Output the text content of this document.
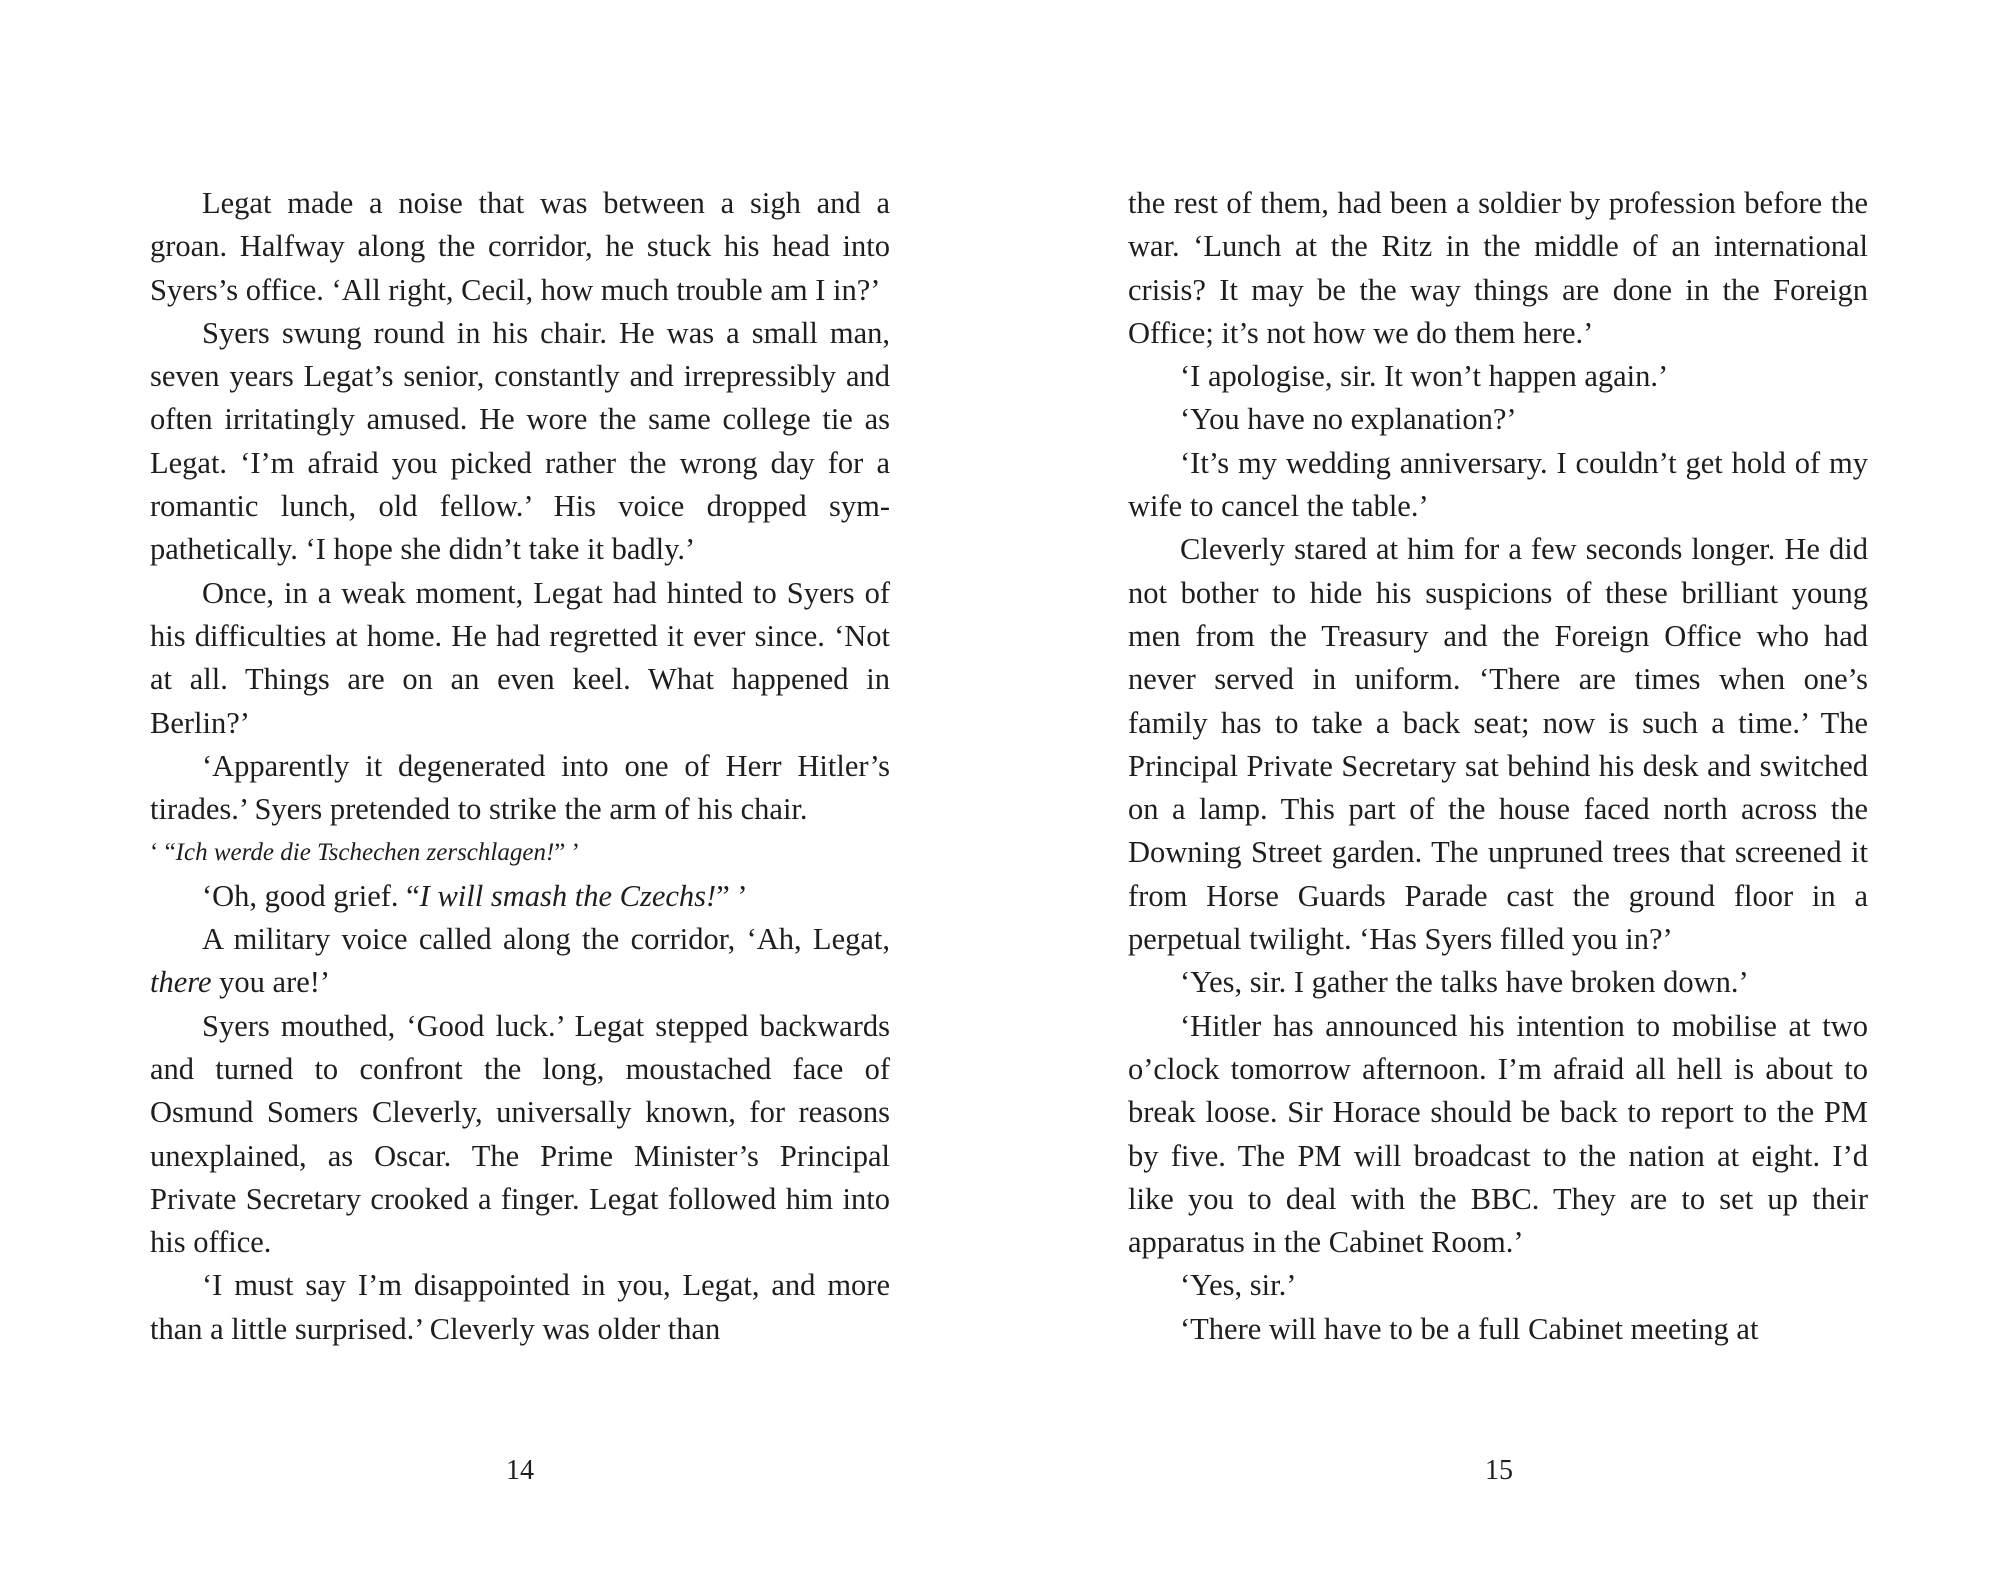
Legat made a noise that was between a sigh and a groan. Halfway along the corridor, he stuck his head into Syers’s office. ‘All right, Cecil, how much trouble am I in?’

Syers swung round in his chair. He was a small man, seven years Legat’s senior, constantly and irrepressibly and often irritatingly amused. He wore the same college tie as Legat. ‘I’m afraid you picked rather the wrong day for a romantic lunch, old fellow.’ His voice dropped sympathetically. ‘I hope she didn’t take it badly.’

Once, in a weak moment, Legat had hinted to Syers of his difficulties at home. He had regretted it ever since. ‘Not at all. Things are on an even keel. What happened in Berlin?’

‘Apparently it degenerated into one of Herr Hitler’s tirades.’ Syers pretended to strike the arm of his chair.

‘ “Ich werde die Tschechen zerschlagen!” ’

‘Oh, good grief. “I will smash the Czechs!” ’

A military voice called along the corridor, ‘Ah, Legat, there you are!’

Syers mouthed, ‘Good luck.’ Legat stepped backwards and turned to confront the long, moustached face of Osmund Somers Cleverly, universally known, for reasons unexplained, as Oscar. The Prime Minister’s Principal Private Secretary crooked a finger. Legat followed him into his office.

‘I must say I’m disappointed in you, Legat, and more than a little surprised.’ Cleverly was older than

14

the rest of them, had been a soldier by profession before the war. ‘Lunch at the Ritz in the middle of an international crisis? It may be the way things are done in the Foreign Office; it’s not how we do them here.’

‘I apologise, sir. It won’t happen again.’

‘You have no explanation?’

‘It’s my wedding anniversary. I couldn’t get hold of my wife to cancel the table.’

Cleverly stared at him for a few seconds longer. He did not bother to hide his suspicions of these brilliant young men from the Treasury and the Foreign Office who had never served in uniform. ‘There are times when one’s family has to take a back seat; now is such a time.’ The Principal Private Secretary sat behind his desk and switched on a lamp. This part of the house faced north across the Downing Street garden. The unpruned trees that screened it from Horse Guards Parade cast the ground floor in a perpetual twilight. ‘Has Syers filled you in?’

‘Yes, sir. I gather the talks have broken down.’

‘Hitler has announced his intention to mobilise at two o’clock tomorrow afternoon. I’m afraid all hell is about to break loose. Sir Horace should be back to report to the PM by five. The PM will broadcast to the nation at eight. I’d like you to deal with the BBC. They are to set up their apparatus in the Cabinet Room.’

‘Yes, sir.’

‘There will have to be a full Cabinet meeting at

15
